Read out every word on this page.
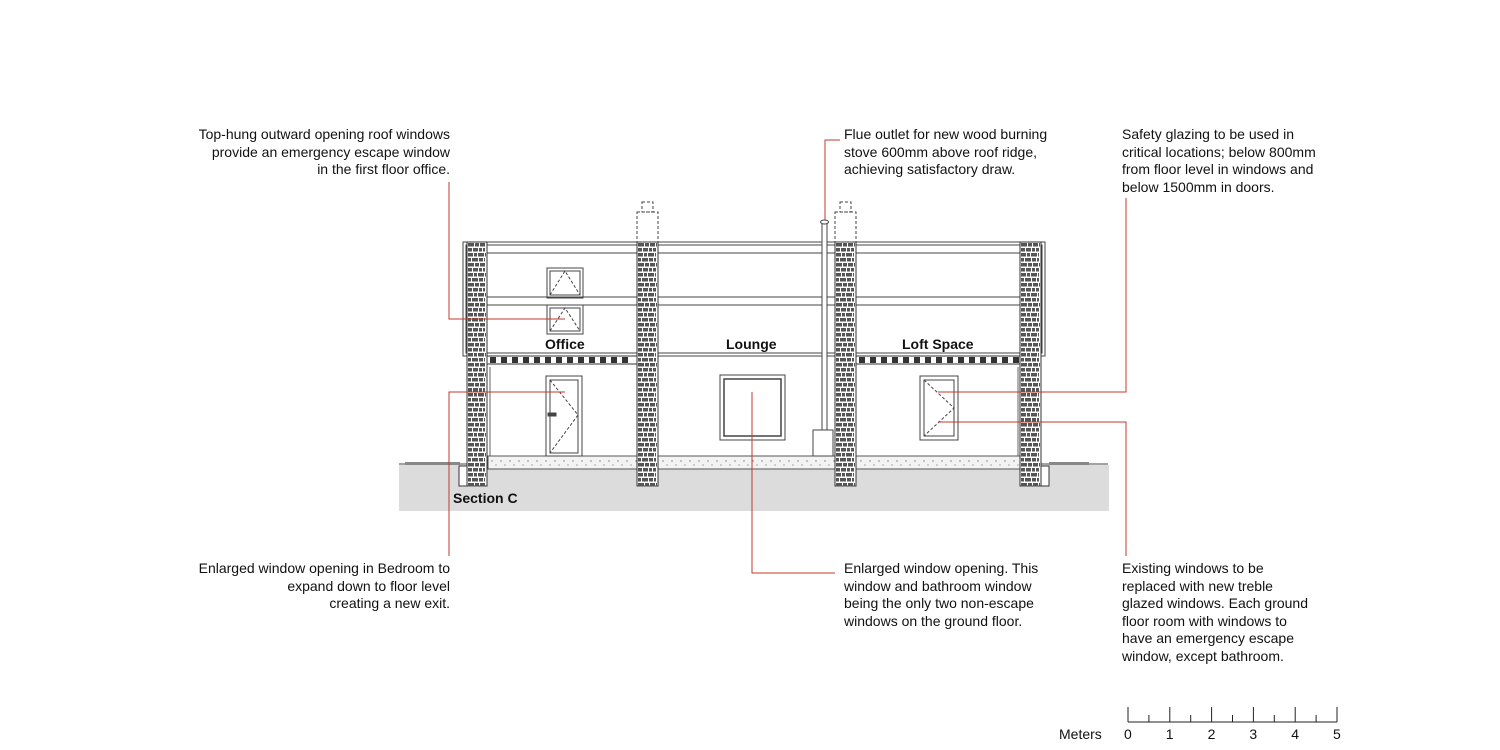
Top-hung outward opening roof windows
provide an emergency escape window
in the first floor office.
Flue outlet for new wood burning
stove 600mm above roof ridge,
achieving satisfactory draw.
Safety glazing to be used in
critical locations; below 800mm
from floor level in windows and
below 1500mm in doors.
Enlarged window opening in Bedroom to
expand down to floor level
creating a new exit.
Enlarged window opening. This
window and bathroom window
being the only two non-escape
windows on the ground floor.
Existing windows to be
replaced with new treble
glazed windows. Each ground
floor room with windows to
have an emergency escape
window, except bathroom.
Office	Lounge	Loft Space
Section C
Meters 0 1 2 3 4 5
